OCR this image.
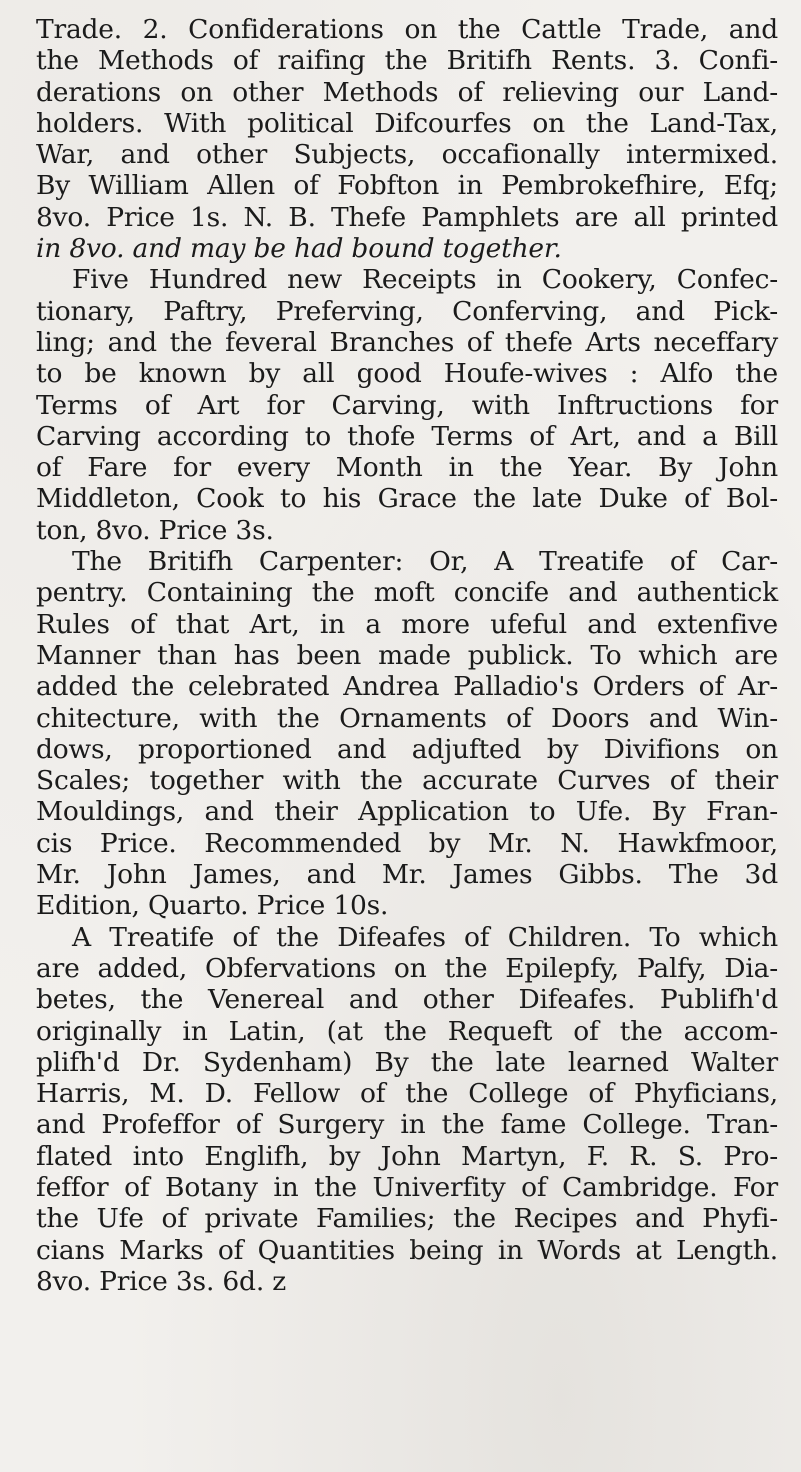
Trade. 2. Confiderations on the Cattle Trade, and
the Methods of raifing the Britifh Rents. 3. Confi-
derations on other Methods of relieving our Land-
holders. With political Difcourfes on the Land-Tax,
War, and other Subjects, occafionally intermixed.
By William Allen of Fobfton in Pembrokefhire, Efq;
8vo. Price 1s. N. B. Thefe Pamphlets are all printed
in 8vo. and may be had bound together.
Five Hundred new Receipts in Cookery, Confec-
tionary, Paftry, Preferving, Conferving, and Pick-
ling; and the feveral Branches of thefe Arts neceffary
to be known by all good Houfe-wives : Alfo the
Terms of Art for Carving, with Inftructions for
Carving according to thofe Terms of Art, and a Bill
of Fare for every Month in the Year. By John
Middleton, Cook to his Grace the late Duke of Bol-
ton, 8vo. Price 3s.
The Britifh Carpenter: Or, A Treatife of Car-
pentry. Containing the moft concife and authentick
Rules of that Art, in a more ufeful and extenfive
Manner than has been made publick. To which are
added the celebrated Andrea Palladio's Orders of Ar-
chitecture, with the Ornaments of Doors and Win-
dows, proportioned and adjufted by Divifions on
Scales; together with the accurate Curves of their
Mouldings, and their Application to Ufe. By Fran-
cis Price. Recommended by Mr. N. Hawkfmoor,
Mr. John James, and Mr. James Gibbs. The 3d
Edition, Quarto. Price 10s.
A Treatife of the Difeafes of Children. To which
are added, Obfervations on the Epilepfy, Palfy, Dia-
betes, the Venereal and other Difeafes. Publifh'd
originally in Latin, (at the Requeft of the accom-
plifh'd Dr. Sydenham) By the late learned Walter
Harris, M. D. Fellow of the College of Phyficians,
and Profeffor of Surgery in the fame College. Tran-
flated into Englifh, by John Martyn, F. R. S. Pro-
feffor of Botany in the Univerfity of Cambridge. For
the Ufe of private Families; the Recipes and Phyfi-
cians Marks of Quantities being in Words at Length.
8vo. Price 3s. 6d. z
